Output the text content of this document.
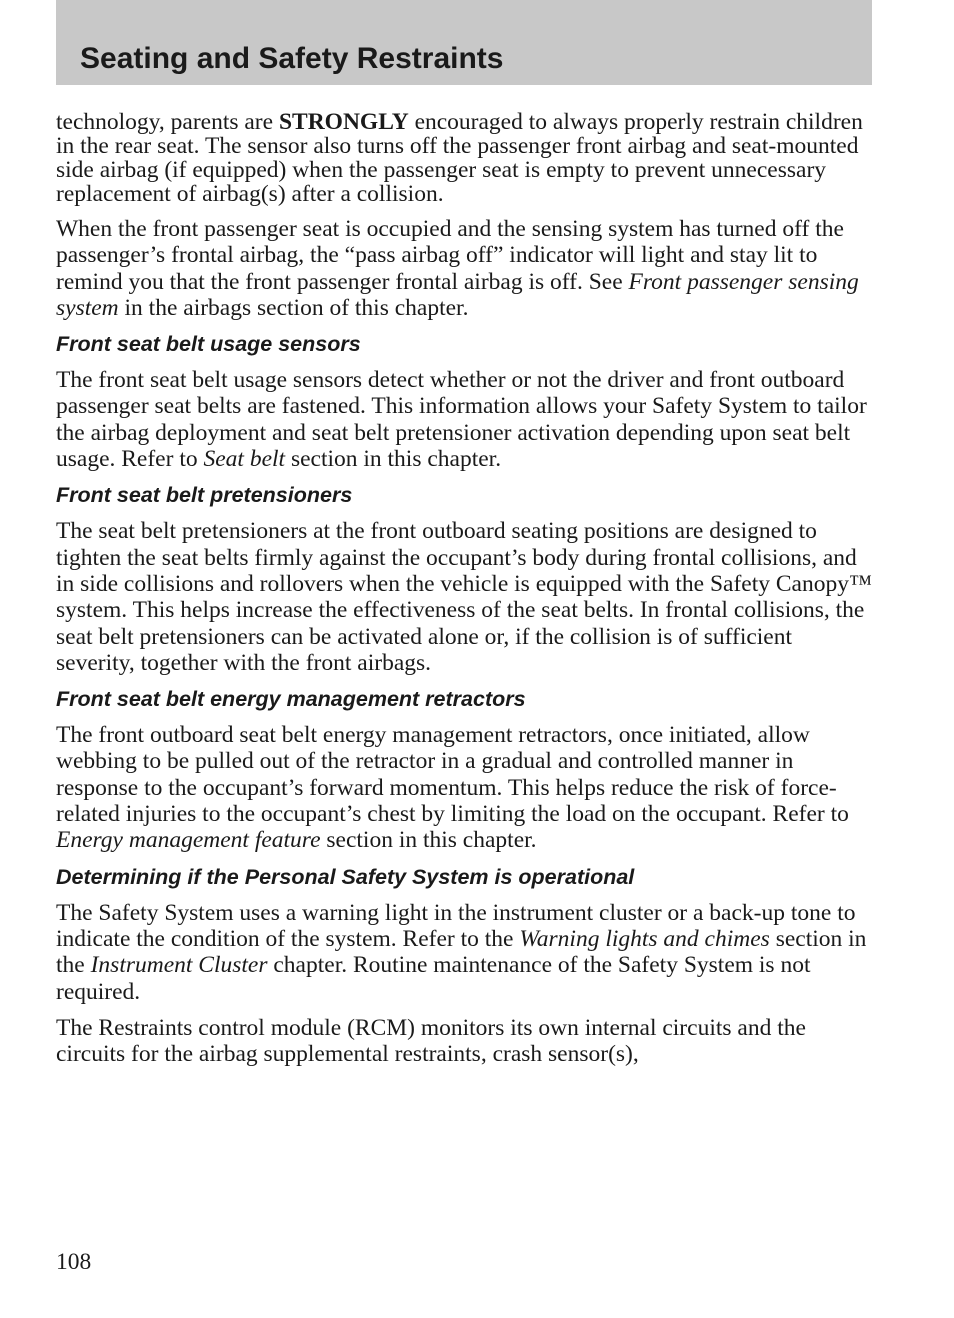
Seating and Safety Restraints

technology, parents are STRONGLY encouraged to always properly restrain children in the rear seat. The sensor also turns off the passenger front airbag and seat-mounted side airbag (if equipped) when the passenger seat is empty to prevent unnecessary replacement of airbag(s) after a collision.

When the front passenger seat is occupied and the sensing system has turned off the passenger’s frontal airbag, the “pass airbag off” indicator will light and stay lit to remind you that the front passenger frontal airbag is off. See Front passenger sensing system in the airbags section of this chapter.

Front seat belt usage sensors

The front seat belt usage sensors detect whether or not the driver and front outboard passenger seat belts are fastened. This information allows your Safety System to tailor the airbag deployment and seat belt pretensioner activation depending upon seat belt usage. Refer to Seat belt section in this chapter.

Front seat belt pretensioners

The seat belt pretensioners at the front outboard seating positions are designed to tighten the seat belts firmly against the occupant’s body during frontal collisions, and in side collisions and rollovers when the vehicle is equipped with the Safety Canopy™ system. This helps increase the effectiveness of the seat belts. In frontal collisions, the seat belt pretensioners can be activated alone or, if the collision is of sufficient severity, together with the front airbags.

Front seat belt energy management retractors

The front outboard seat belt energy management retractors, once initiated, allow webbing to be pulled out of the retractor in a gradual and controlled manner in response to the occupant’s forward momentum. This helps reduce the risk of force-related injuries to the occupant’s chest by limiting the load on the occupant. Refer to Energy management feature section in this chapter.

Determining if the Personal Safety System is operational

The Safety System uses a warning light in the instrument cluster or a back-up tone to indicate the condition of the system. Refer to the Warning lights and chimes section in the Instrument Cluster chapter. Routine maintenance of the Safety System is not required.

The Restraints control module (RCM) monitors its own internal circuits and the circuits for the airbag supplemental restraints, crash sensor(s),

108
